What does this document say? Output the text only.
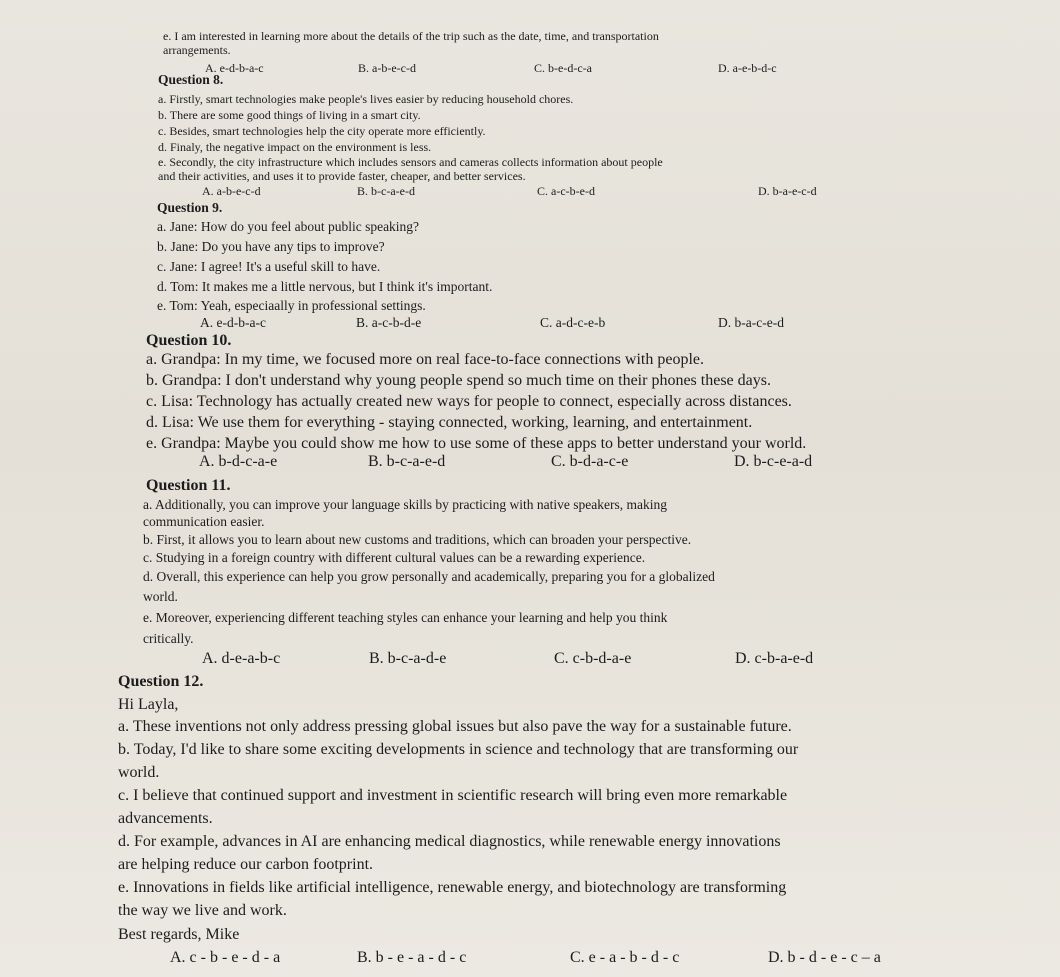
e. I am interested in learning more about the details of the trip such as the date, time, and transportation
arrangements.
A. e-d-b-a-c	B. a-b-e-c-d	C. b-e-d-c-a	D. a-e-b-d-c
Question 8.
a. Firstly, smart technologies make people's lives easier by reducing household chores.
b. There are some good things of living in a smart city.
c. Besides, smart technologies help the city operate more efficiently.
d. Finaly, the negative impact on the environment is less.
e. Secondly, the city infrastructure which includes sensors and cameras collects information about people
and their activities, and uses it to provide faster, cheaper, and better services.
A. a-b-e-c-d	B. b-c-a-e-d	C. a-c-b-e-d	D. b-a-e-c-d
Question 9.
a. Jane: How do you feel about public speaking?
b. Jane: Do you have any tips to improve?
c. Jane: I agree! It's a useful skill to have.
d. Tom: It makes me a little nervous, but I think it's important.
e. Tom: Yeah, especiaally in professional settings.
A. e-d-b-a-c	B. a-c-b-d-e	C. a-d-c-e-b	D. b-a-c-e-d
Question 10.
a. Grandpa: In my time, we focused more on real face-to-face connections with people.
b. Grandpa: I don't understand why young people spend so much time on their phones these days.
c. Lisa: Technology has actually created new ways for people to connect, especially across distances.
d. Lisa: We use them for everything - staying connected, working, learning, and entertainment.
e. Grandpa: Maybe you could show me how to use some of these apps to better understand your world.
A. b-d-c-a-e	B. b-c-a-e-d	C. b-d-a-c-e	D. b-c-e-a-d
Question 11.
a. Additionally, you can improve your language skills by practicing with native speakers, making
communication easier.
b. First, it allows you to learn about new customs and traditions, which can broaden your perspective.
c. Studying in a foreign country with different cultural values can be a rewarding experience.
d. Overall, this experience can help you grow personally and academically, preparing you for a globalized
world.
e. Moreover, experiencing different teaching styles can enhance your learning and help you think
critically.
A. d-e-a-b-c	B. b-c-a-d-e	C. c-b-d-a-e	D. c-b-a-e-d
Question 12.
Hi Layla,
a. These inventions not only address pressing global issues but also pave the way for a sustainable future.
b. Today, I'd like to share some exciting developments in science and technology that are transforming our
world.
c. I believe that continued support and investment in scientific research will bring even more remarkable
advancements.
d. For example, advances in AI are enhancing medical diagnostics, while renewable energy innovations
are helping reduce our carbon footprint.
e. Innovations in fields like artificial intelligence, renewable energy, and biotechnology are transforming
the way we live and work.
Best regards, Mike
A. c - b - e - d - a	B. b - e - a - d - c	C. e - a - b - d - c	D. b - d - e - c – a
